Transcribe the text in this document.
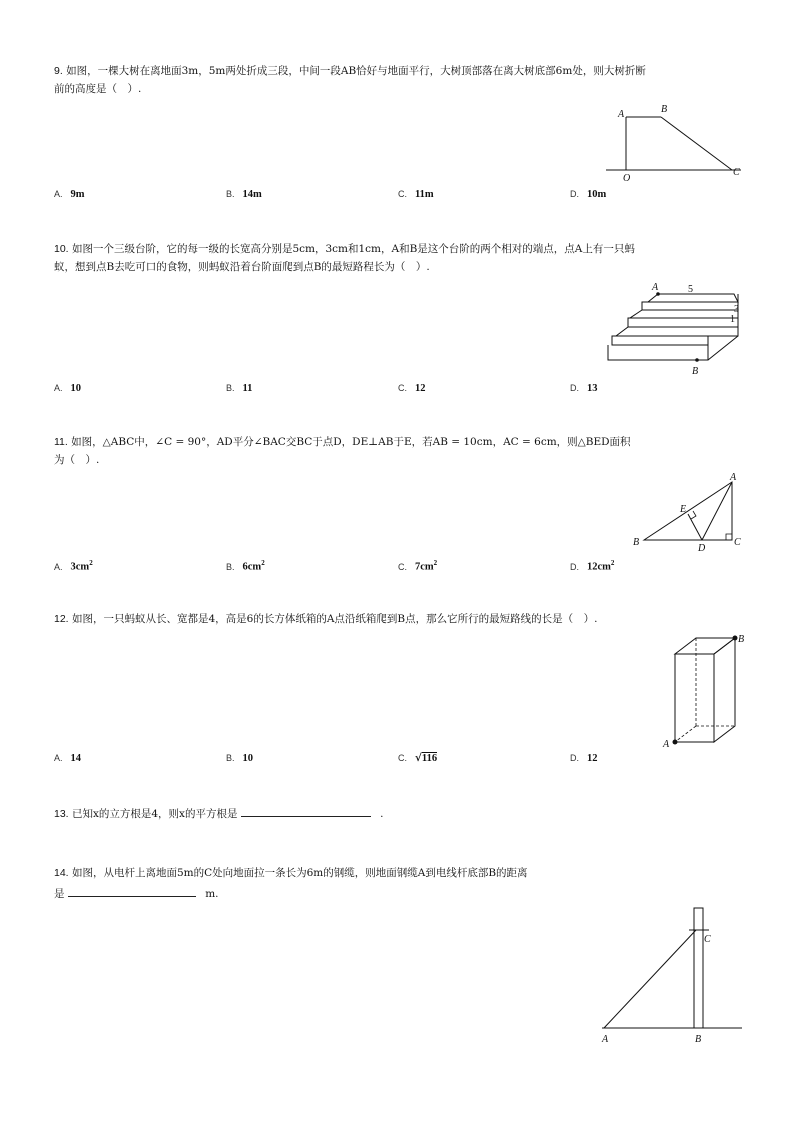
9. 如图，一棵大树在离地面3m，5m两处折成三段，中间一段AB恰好与地面平行，大树顶部落在离大树底部6m处，则大树折断
前的高度是（　）.
A	B
O
C
A. 9m	B. 14m	C. 11m	D. 10m
10. 如图一个三级台阶，它的每一级的长宽高分别是5cm，3cm和1cm，A和B是这个台阶的两个相对的端点，点A上有一只蚂
蚁，想到点B去吃可口的食物，则蚂蚁沿着台阶面爬到点B的最短路程长为（　）.
A
B
5
3
1
A. 10	B. 11	C. 12	D. 13
11. 如图，△ABC中，∠C = 90°，AD平分∠BAC交BC于点D，DE⊥AB于E，若AB = 10cm，AC = 6cm，则△BED面积
为（　）.
A
B	C
D
E
A. $3cm^2$	B. $6cm^2$	C. $7cm^2$	D. $12cm^2$
12. 如图，一只蚂蚁从长、宽都是4，高是6的长方体纸箱的A点沿纸箱爬到B点，那么它所行的最短路线的长是（　）.
A
B
A. 14	B. 10	C. √116	D. 12
13. 已知x的立方根是4，则x的平方根是	.
14. 如图，从电杆上离地面5m的C处向地面拉一条长为6m的钢缆，则地面钢缆A到电线杆底部B的距离
是	m.
C
A	B
